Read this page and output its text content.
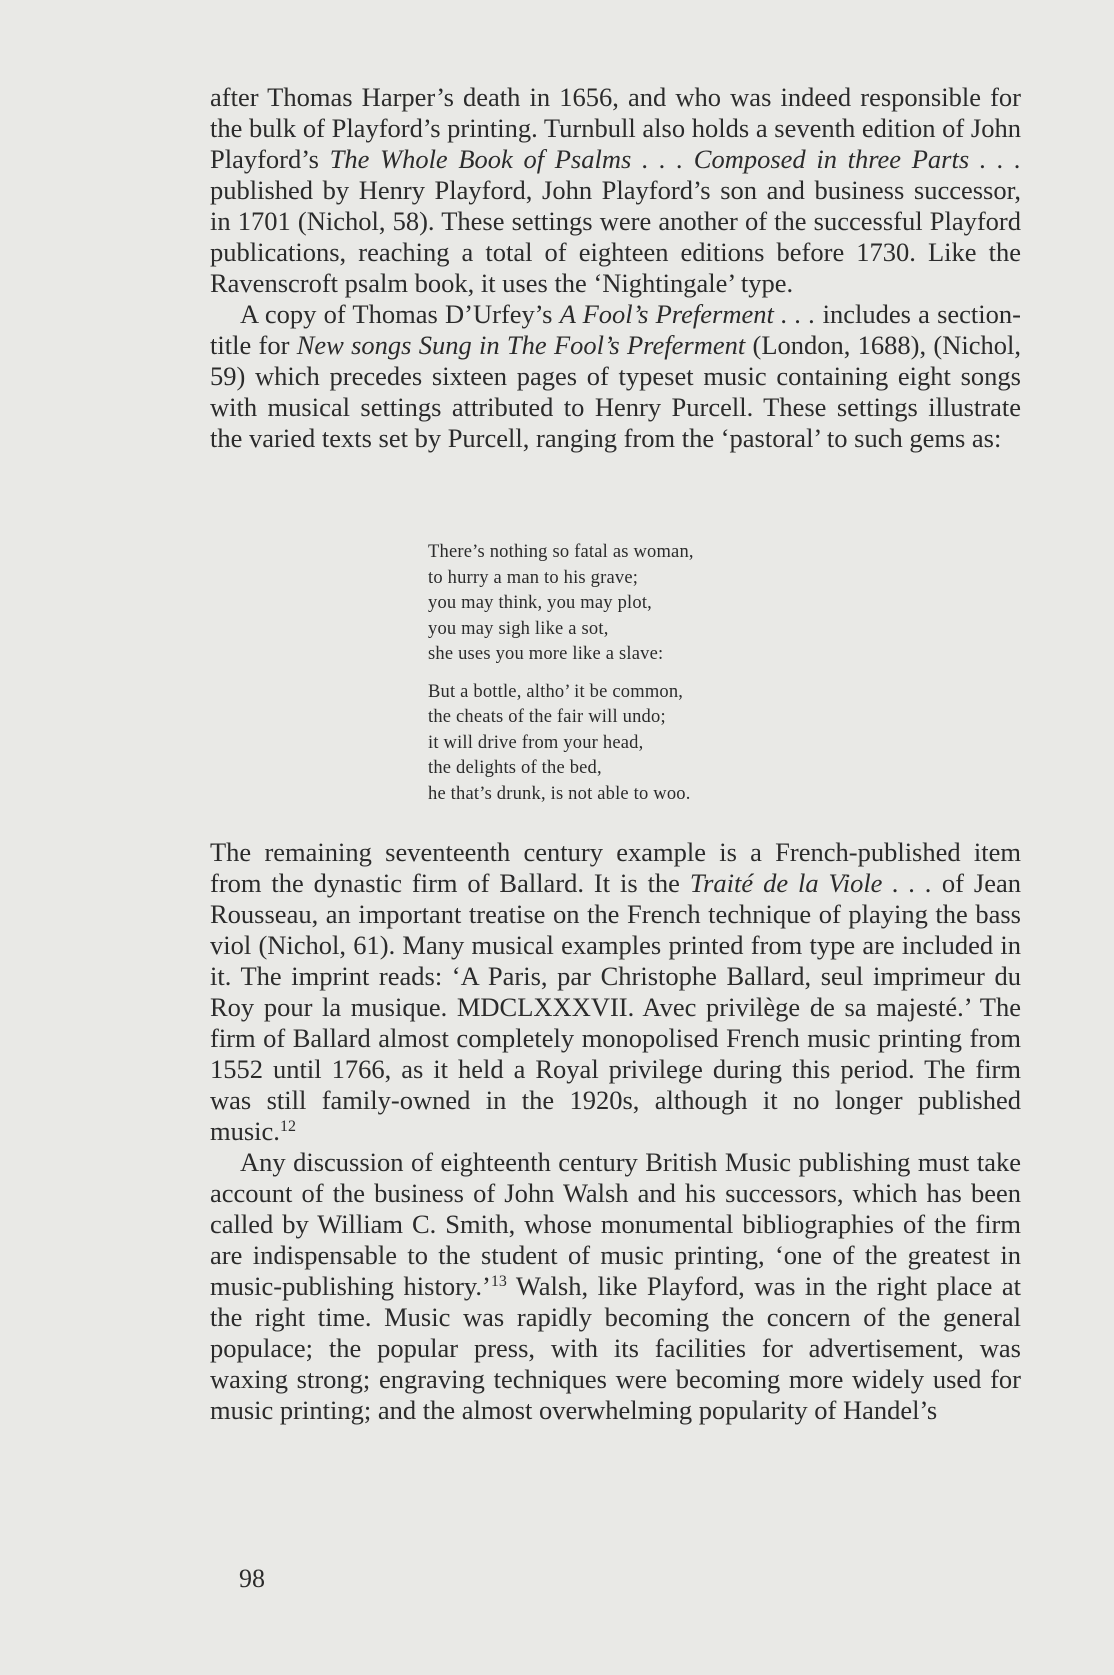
after Thomas Harper’s death in 1656, and who was indeed responsible for the bulk of Playford’s printing. Turnbull also holds a seventh edition of John Playford’s The Whole Book of Psalms . . . Composed in three Parts . . . published by Henry Playford, John Playford’s son and business successor, in 1701 (Nichol, 58). These settings were another of the successful Playford publications, reaching a total of eighteen editions before 1730. Like the Ravenscroft psalm book, it uses the ‘Nightingale’ type.

A copy of Thomas D’Urfey’s A Fool’s Preferment . . . includes a section-title for New songs Sung in The Fool’s Preferment (London, 1688), (Nichol, 59) which precedes sixteen pages of typeset music containing eight songs with musical settings attributed to Henry Purcell. These settings illustrate the varied texts set by Purcell, ranging from the ‘pastoral’ to such gems as:

There’s nothing so fatal as woman,
to hurry a man to his grave;
you may think, you may plot,
you may sigh like a sot,
she uses you more like a slave:
But a bottle, altho’ it be common,
the cheats of the fair will undo;
it will drive from your head,
the delights of the bed,
he that’s drunk, is not able to woo.

The remaining seventeenth century example is a French-published item from the dynastic firm of Ballard. It is the Traité de la Viole . . . of Jean Rousseau, an important treatise on the French technique of playing the bass viol (Nichol, 61). Many musical examples printed from type are included in it. The imprint reads: ‘A Paris, par Christophe Ballard, seul imprimeur du Roy pour la musique. MDCLXXXVII. Avec privilège de sa majesté.’ The firm of Ballard almost completely monopolised French music printing from 1552 until 1766, as it held a Royal privilege during this period. The firm was still family-owned in the 1920s, although it no longer published music.$^{12}$

Any discussion of eighteenth century British Music publishing must take account of the business of John Walsh and his successors, which has been called by William C. Smith, whose monumental bibliographies of the firm are indispensable to the student of music printing, ‘one of the greatest in music-publishing history.’$^{13}$ Walsh, like Playford, was in the right place at the right time. Music was rapidly becoming the concern of the general populace; the popular press, with its facilities for advertisement, was waxing strong; engraving techniques were becoming more widely used for music printing; and the almost overwhelming popularity of Handel’s

98
